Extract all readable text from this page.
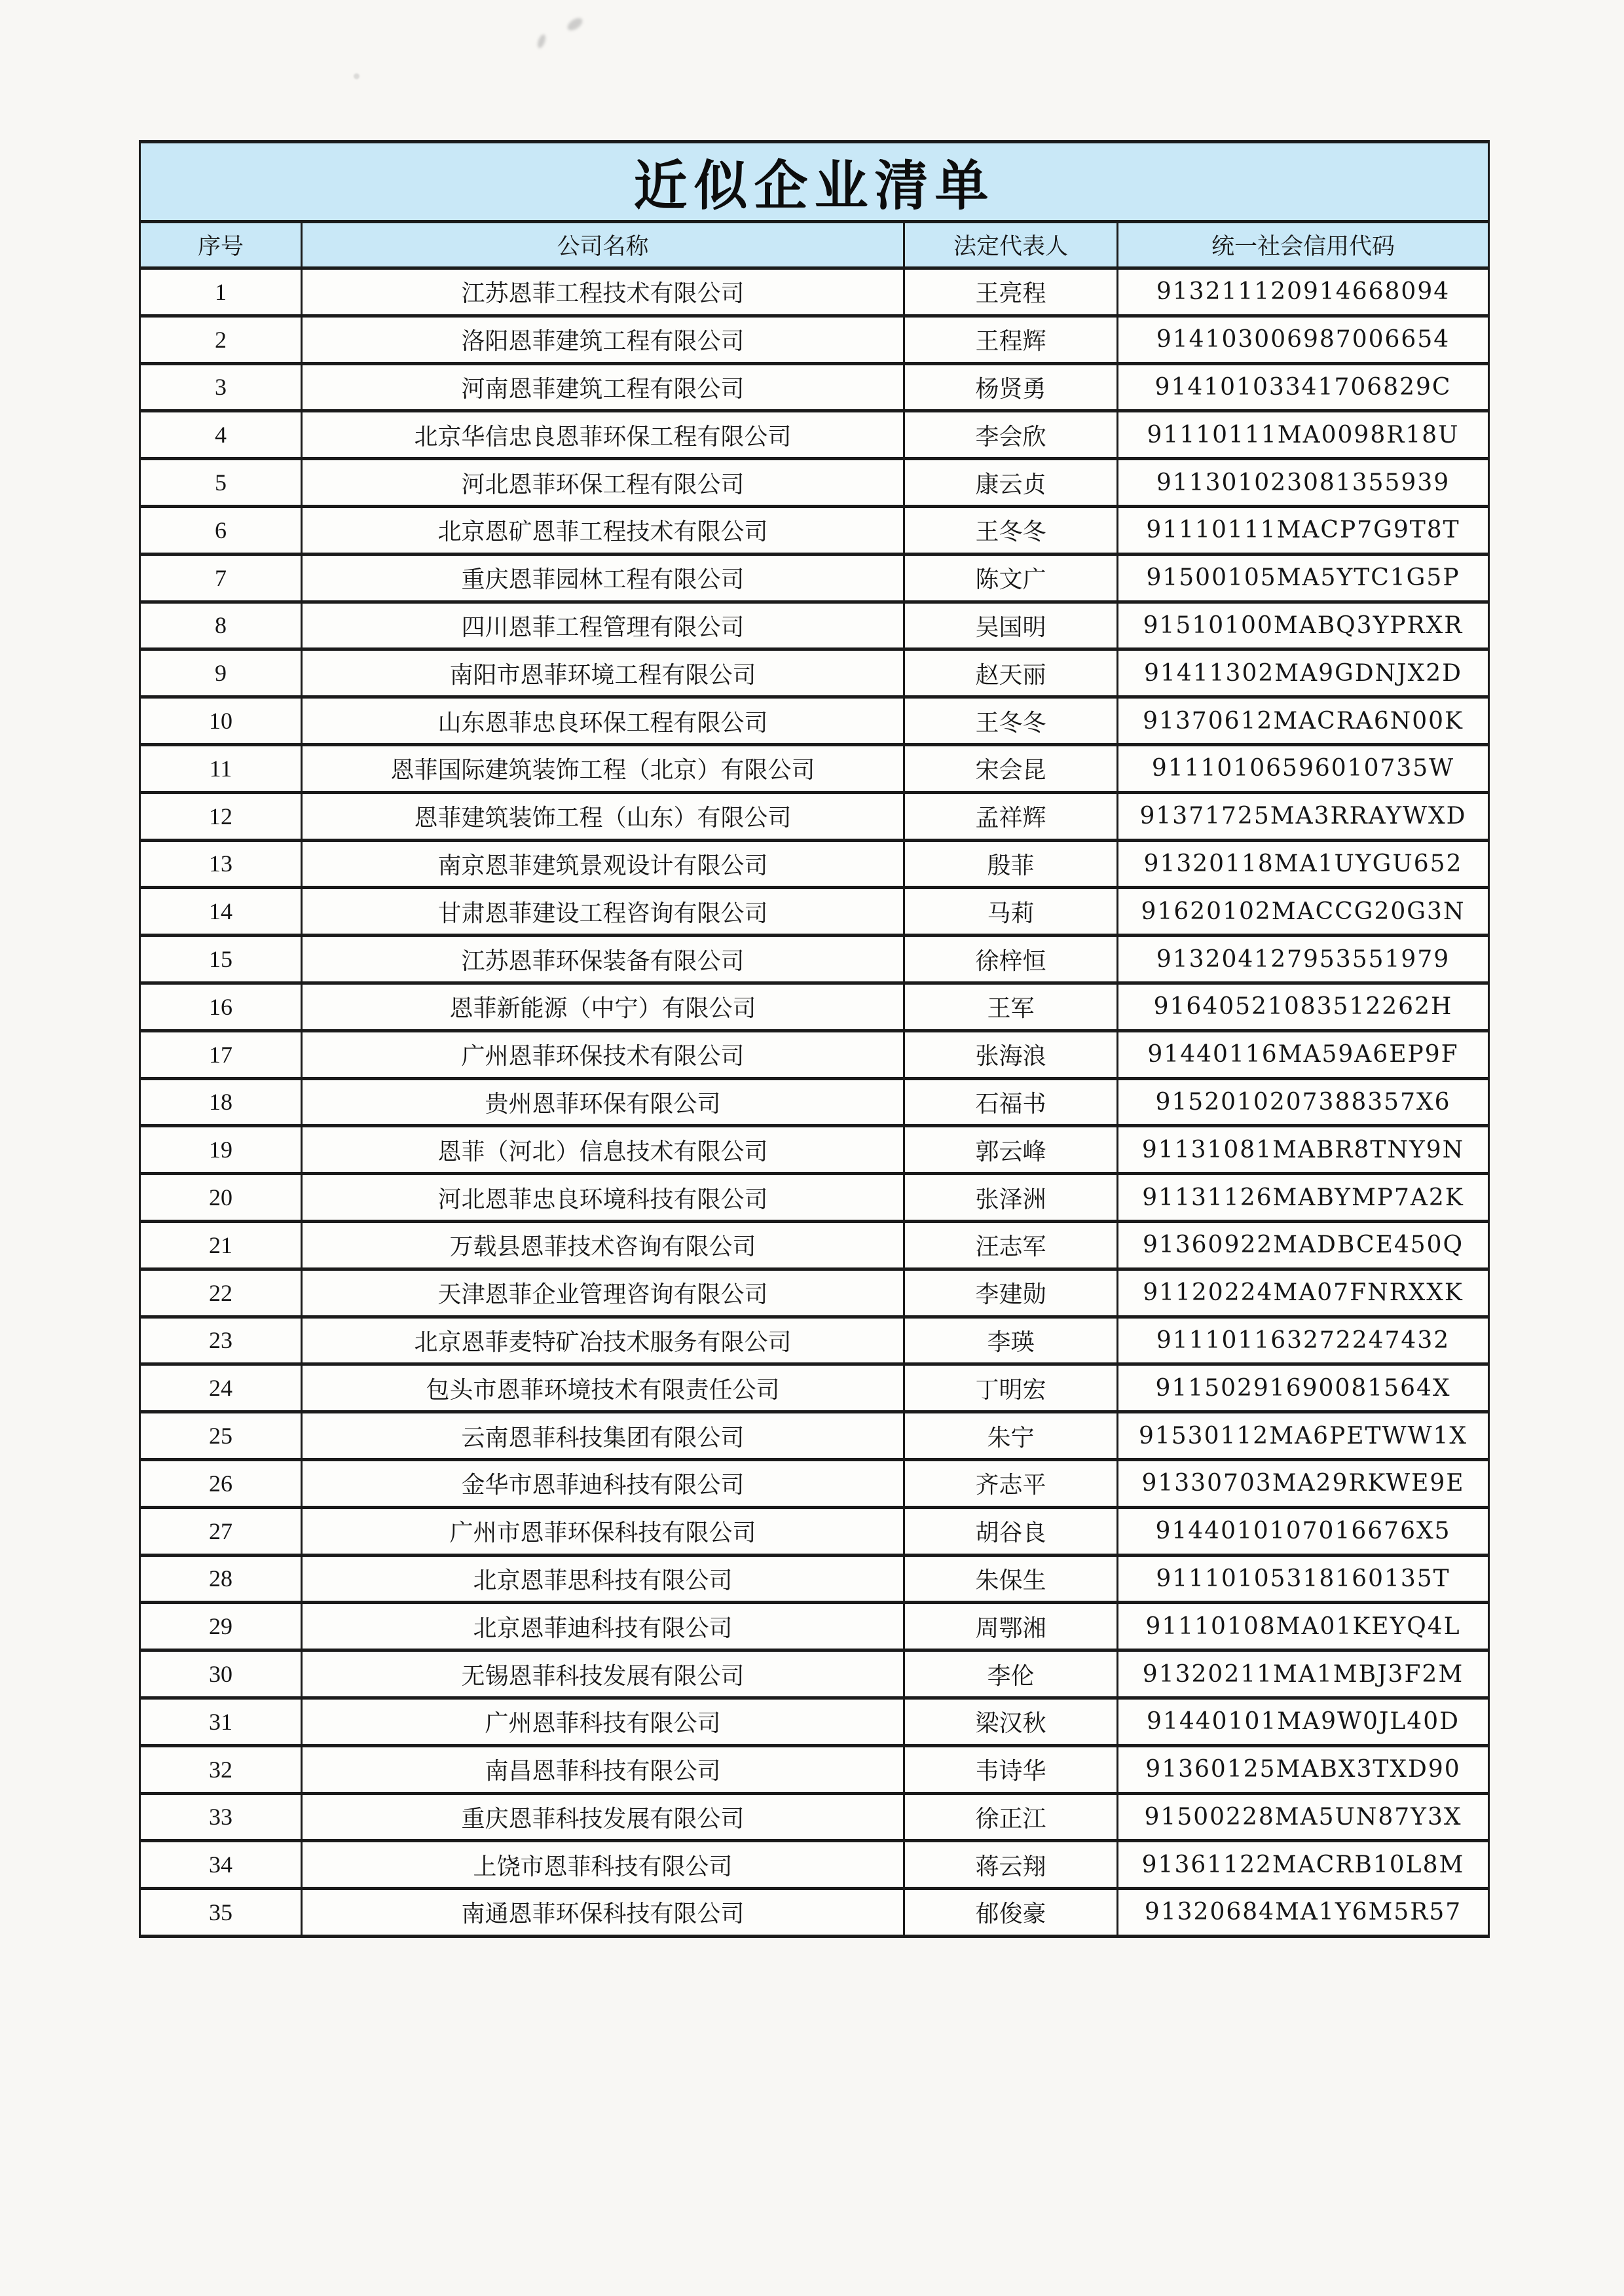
近似企业清单			
序号	公司名称	法定代表人	统一社会信用代码
1	江苏恩菲工程技术有限公司	王亮程	913211120914668094
2	洛阳恩菲建筑工程有限公司	王程辉	914103006987006654
3	河南恩菲建筑工程有限公司	杨贤勇	91410103341706829C
4	北京华信忠良恩菲环保工程有限公司	李会欣	91110111MA0098R18U
5	河北恩菲环保工程有限公司	康云贞	911301023081355939
6	北京恩矿恩菲工程技术有限公司	王冬冬	91110111MACP7G9T8T
7	重庆恩菲园林工程有限公司	陈文广	91500105MA5YTC1G5P
8	四川恩菲工程管理有限公司	吴国明	91510100MABQ3YPRXR
9	南阳市恩菲环境工程有限公司	赵天丽	91411302MA9GDNJX2D
10	山东恩菲忠良环保工程有限公司	王冬冬	91370612MACRA6N00K
11	恩菲国际建筑装饰工程（北京）有限公司	宋会昆	91110106596010735W
12	恩菲建筑装饰工程（山东）有限公司	孟祥辉	91371725MA3RRAYWXD
13	南京恩菲建筑景观设计有限公司	殷菲	91320118MA1UYGU652
14	甘肃恩菲建设工程咨询有限公司	马莉	91620102MACCG20G3N
15	江苏恩菲环保装备有限公司	徐梓恒	913204127953551979
16	恩菲新能源（中宁）有限公司	王军	91640521083512262H
17	广州恩菲环保技术有限公司	张海浪	91440116MA59A6EP9F
18	贵州恩菲环保有限公司	石福书	9152010207388357X6
19	恩菲（河北）信息技术有限公司	郭云峰	91131081MABR8TNY9N
20	河北恩菲忠良环境科技有限公司	张泽洲	91131126MABYMP7A2K
21	万载县恩菲技术咨询有限公司	汪志军	91360922MADBCE450Q
22	天津恩菲企业管理咨询有限公司	李建勋	91120224MA07FNRXXK
23	北京恩菲麦特矿冶技术服务有限公司	李瑛	911101163272247432
24	包头市恩菲环境技术有限责任公司	丁明宏	91150291690081564X
25	云南恩菲科技集团有限公司	朱宁	91530112MA6PETWW1X
26	金华市恩菲迪科技有限公司	齐志平	91330703MA29RKWE9E
27	广州市恩菲环保科技有限公司	胡谷良	9144010107016676X5
28	北京恩菲思科技有限公司	朱保生	91110105318160135T
29	北京恩菲迪科技有限公司	周鄂湘	91110108MA01KEYQ4L
30	无锡恩菲科技发展有限公司	李伦	91320211MA1MBJ3F2M
31	广州恩菲科技有限公司	梁汉秋	91440101MA9W0JL40D
32	南昌恩菲科技有限公司	韦诗华	91360125MABX3TXD90
33	重庆恩菲科技发展有限公司	徐正江	91500228MA5UN87Y3X
34	上饶市恩菲科技有限公司	蒋云翔	91361122MACRB10L8M
35	南通恩菲环保科技有限公司	郁俊豪	91320684MA1Y6M5R57
